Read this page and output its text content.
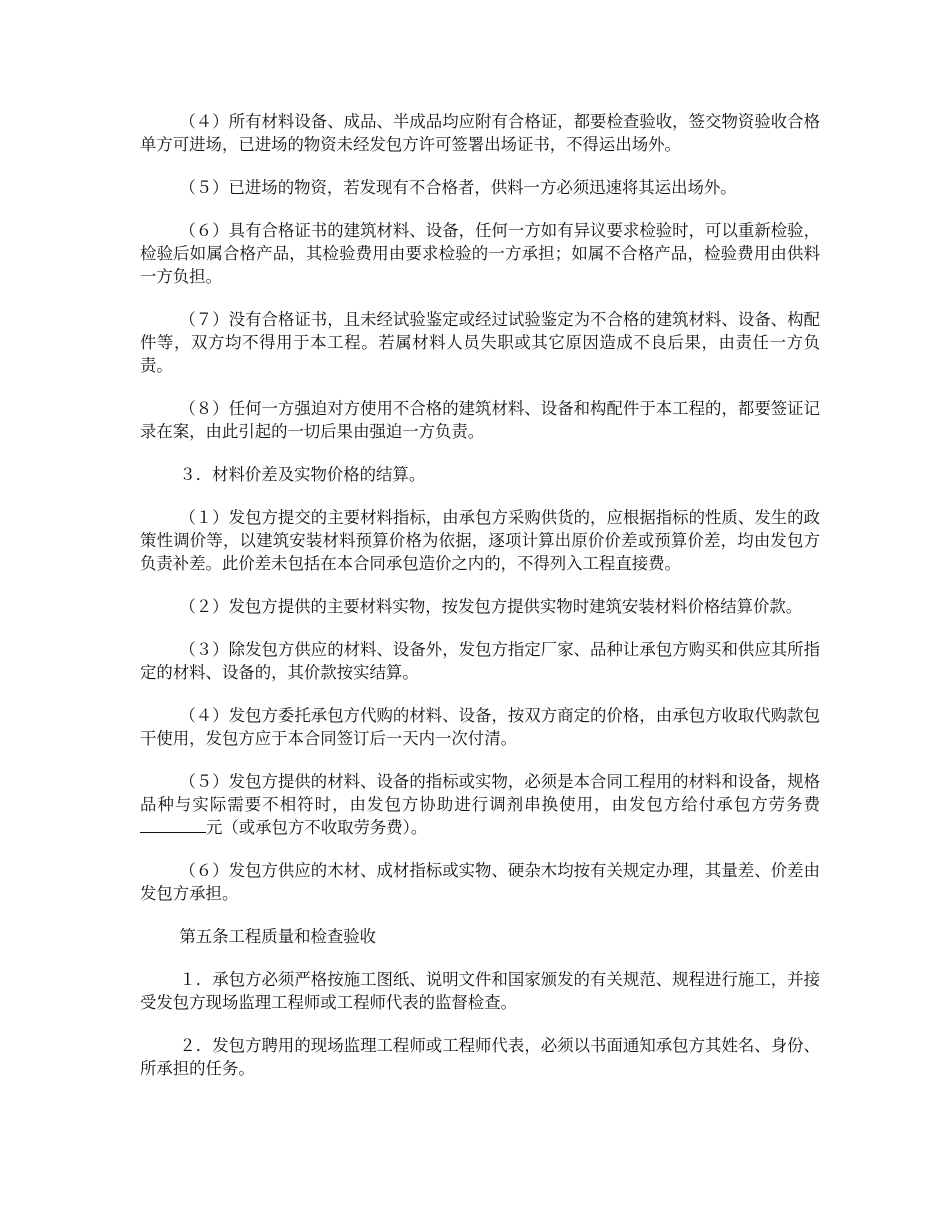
（４）所有材料设备、成品、半成品均应附有合格证，都要检查验收，签交物资验收合格单方可进场，已进场的物资未经发包方许可签署出场证书，不得运出场外。

（５）已进场的物资，若发现有不合格者，供料一方必须迅速将其运出场外。

（６）具有合格证书的建筑材料、设备，任何一方如有异议要求检验时，可以重新检验，检验后如属合格产品，其检验费用由要求检验的一方承担；如属不合格产品，检验费用由供料一方负担。

（７）没有合格证书，且未经试验鉴定或经过试验鉴定为不合格的建筑材料、设备、构配件等，双方均不得用于本工程。若属材料人员失职或其它原因造成不良后果，由责任一方负责。

（８）任何一方强迫对方使用不合格的建筑材料、设备和构配件于本工程的，都要签证记录在案，由此引起的一切后果由强迫一方负责。

３．材料价差及实物价格的结算。

（１）发包方提交的主要材料指标，由承包方采购供货的，应根据指标的性质、发生的政策性调价等，以建筑安装材料预算价格为依据，逐项计算出原价价差或预算价差，均由发包方负责补差。此价差未包括在本合同承包造价之内的，不得列入工程直接费。

（２）发包方提供的主要材料实物，按发包方提供实物时建筑安装材料价格结算价款。

（３）除发包方供应的材料、设备外，发包方指定厂家、品种让承包方购买和供应其所指定的材料、设备的，其价款按实结算。

（４）发包方委托承包方代购的材料、设备，按双方商定的价格，由承包方收取代购款包干使用，发包方应于本合同签订后一天内一次付清。

（５）发包方提供的材料、设备的指标或实物，必须是本合同工程用的材料和设备，规格品种与实际需要不相符时，由发包方协助进行调剂串换使用，由发包方给付承包方劳务费元（或承包方不收取劳务费）。

（６）发包方供应的木材、成材指标或实物、硬杂木均按有关规定办理，其量差、价差由发包方承担。

第五条工程质量和检查验收

１．承包方必须严格按施工图纸、说明文件和国家颁发的有关规范、规程进行施工，并接受发包方现场监理工程师或工程师代表的监督检查。

２．发包方聘用的现场监理工程师或工程师代表，必须以书面通知承包方其姓名、身份、所承担的任务。
